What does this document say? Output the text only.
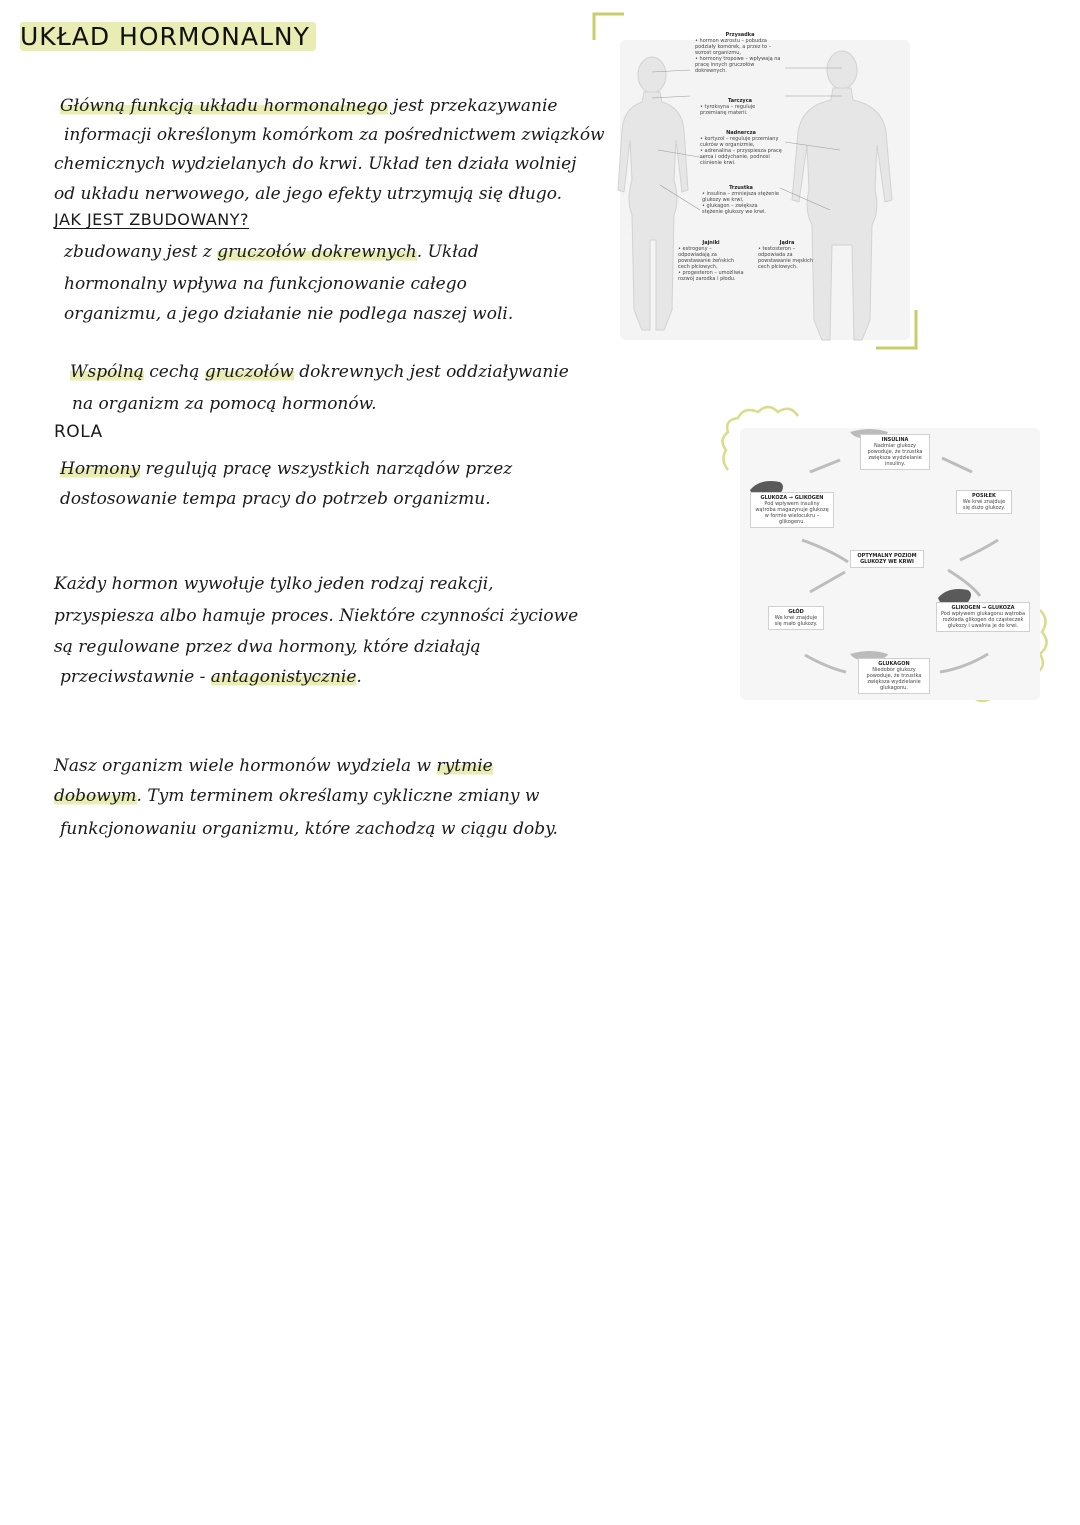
UKŁAD HORMONALNY
Główną funkcją układu hormonalnego jest przekazywanie
informacji określonym komórkom za pośrednictwem związków
chemicznych wydzielanych do krwi. Układ ten działa wolniej
od układu nerwowego, ale jego efekty utrzymują się długo.
JAK JEST ZBUDOWANY?
zbudowany jest z gruczołów dokrewnych. Układ
hormonalny wpływa na funkcjonowanie całego
organizmu, a jego działanie nie podlega naszej woli.
Wspólną cechą gruczołów dokrewnych jest oddziaływanie
na organizm za pomocą hormonów.
ROLA
Hormony regulują pracę wszystkich narządów przez
dostosowanie tempa pracy do potrzeb organizmu.
Każdy hormon wywołuje tylko jeden rodzaj reakcji,
przyspiesza albo hamuje proces. Niektóre czynności życiowe
są regulowane przez dwa hormony, które działają
przeciwstawnie - antagonistycznie.
Nasz organizm wiele hormonów wydziela w rytmie
dobowym. Tym terminem określamy cykliczne zmiany w
funkcjonowaniu organizmu, które zachodzą w ciągu doby.
Przysadka
• hormon wzrostu – pobudza podziały komórek, a przez to – wzrost organizmu,
• hormony tropowe – wpływają na pracę innych gruczołów dokrewnych.
Tarczyca
• tyroksyna – reguluje przemianę materii.
Nadnercza
• kortyzol – reguluje przemiany cukrów w organizmie,
• adrenalina – przyspiesza pracę serca i oddychanie, podnosi ciśnienie krwi.
Trzustka
• insulina – zmniejsza stężenie glukozy we krwi,
• glukagon – zwiększa stężenie glukozy we krwi.
Jajniki
• estrogeny – odpowiadają za powstawanie żeńskich cech płciowych,
• progesteron – umożliwia rozwój zarodka i płodu.
Jądra
• testosteron – odpowiada za powstawanie męskich cech płciowych.
INSULINA
Nadmiar glukozy powoduje, że trzustka zwiększa wydzielanie insuliny.
GLUKOZA → GLIKOGEN
Pod wpływem insuliny wątroba magazynuje glukozę w formie wielocukru – glikogenu.
POSIŁEK
We krwi znajduje się dużo glukozy.
OPTYMALNY POZIOM GLUKOZY WE KRWI
GŁÓD
We krwi znajduje się mało glukozy.
GLIKOGEN → GLUKOZA
Pod wpływem glukagonu wątroba rozkłada glikogen do cząsteczek glukozy i uwalnia je do krwi.
GLUKAGON
Niedobór glukozy powoduje, że trzustka zwiększa wydzielanie glukagonu.
